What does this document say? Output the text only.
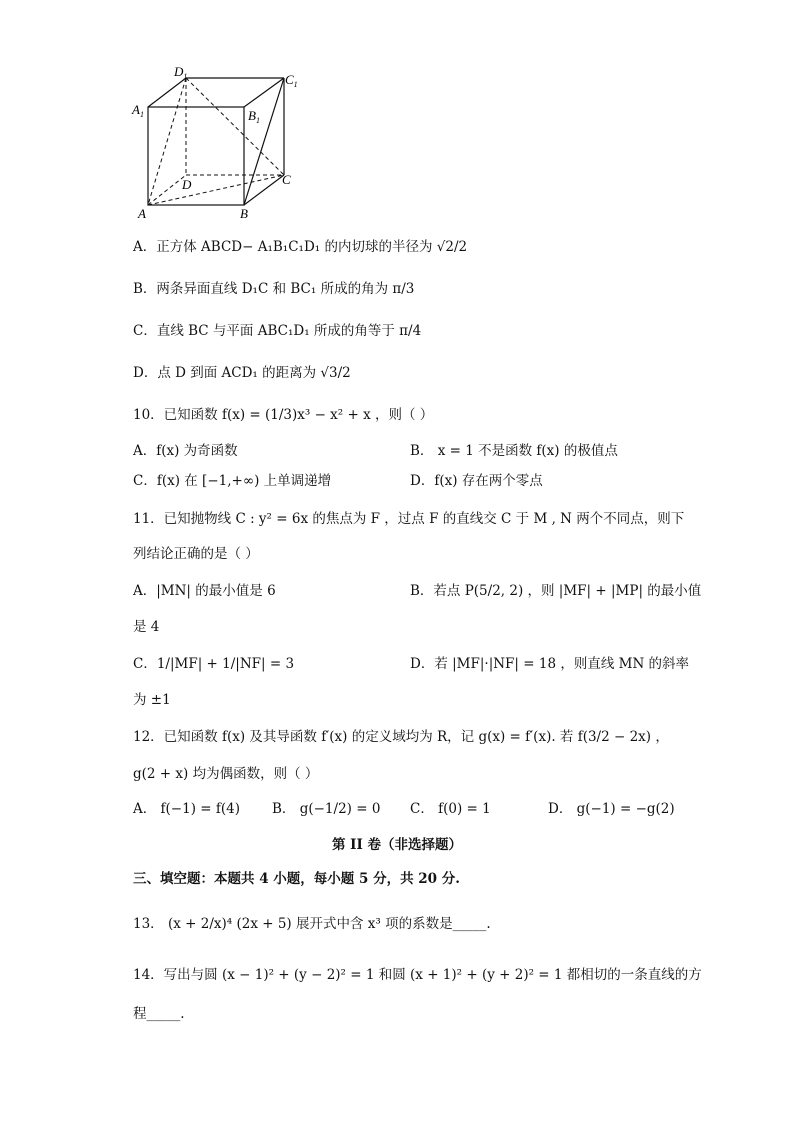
$D_1$	$C_1$
$A_1$	$B_1$
D	C
A	B
A．正方体 ABCD− A₁B₁C₁D₁ 的内切球的半径为 √2/2
B．两条异面直线 D₁C 和 BC₁ 所成的角为 π/3
C．直线 BC 与平面 ABC₁D₁ 所成的角等于 π/4
D．点 D 到面 ACD₁ 的距离为 √3/2
10．已知函数 f(x) = (1/3)x³ − x² + x ，则（ ）
A．f(x) 为奇函数	B． x = 1 不是函数 f(x) 的极值点
C．f(x) 在 [−1,+∞) 上单调递增	D．f(x) 存在两个零点
11．已知抛物线 C : y² = 6x 的焦点为 F ，过点 F 的直线交 C 于 M , N 两个不同点，则下
列结论正确的是（ ）
A．|MN| 的最小值是 6	B．若点 P(5/2, 2) ，则 |MF| + |MP| 的最小值
是 4
C．1/|MF| + 1/|NF| = 3	D．若 |MF|·|NF| = 18 ，则直线 MN 的斜率
为 ±1
12．已知函数 f(x) 及其导函数 f′(x) 的定义域均为 R，记 g(x) = f′(x). 若 f(3/2 − 2x) ，
g(2 + x) 均为偶函数，则（ ）
A． f(−1) = f(4) B． g(−1/2) = 0 C． f(0) = 1	D． g(−1) = −g(2)
第 II 卷（非选择题）
三、填空题：本题共 4 小题，每小题 5 分，共 20 分.
13． (x + 2/x)⁴ (2x + 5) 展开式中含 x³ 项的系数是_____.
14．写出与圆 (x − 1)² + (y − 2)² = 1 和圆 (x + 1)² + (y + 2)² = 1 都相切的一条直线的方
程_____.
